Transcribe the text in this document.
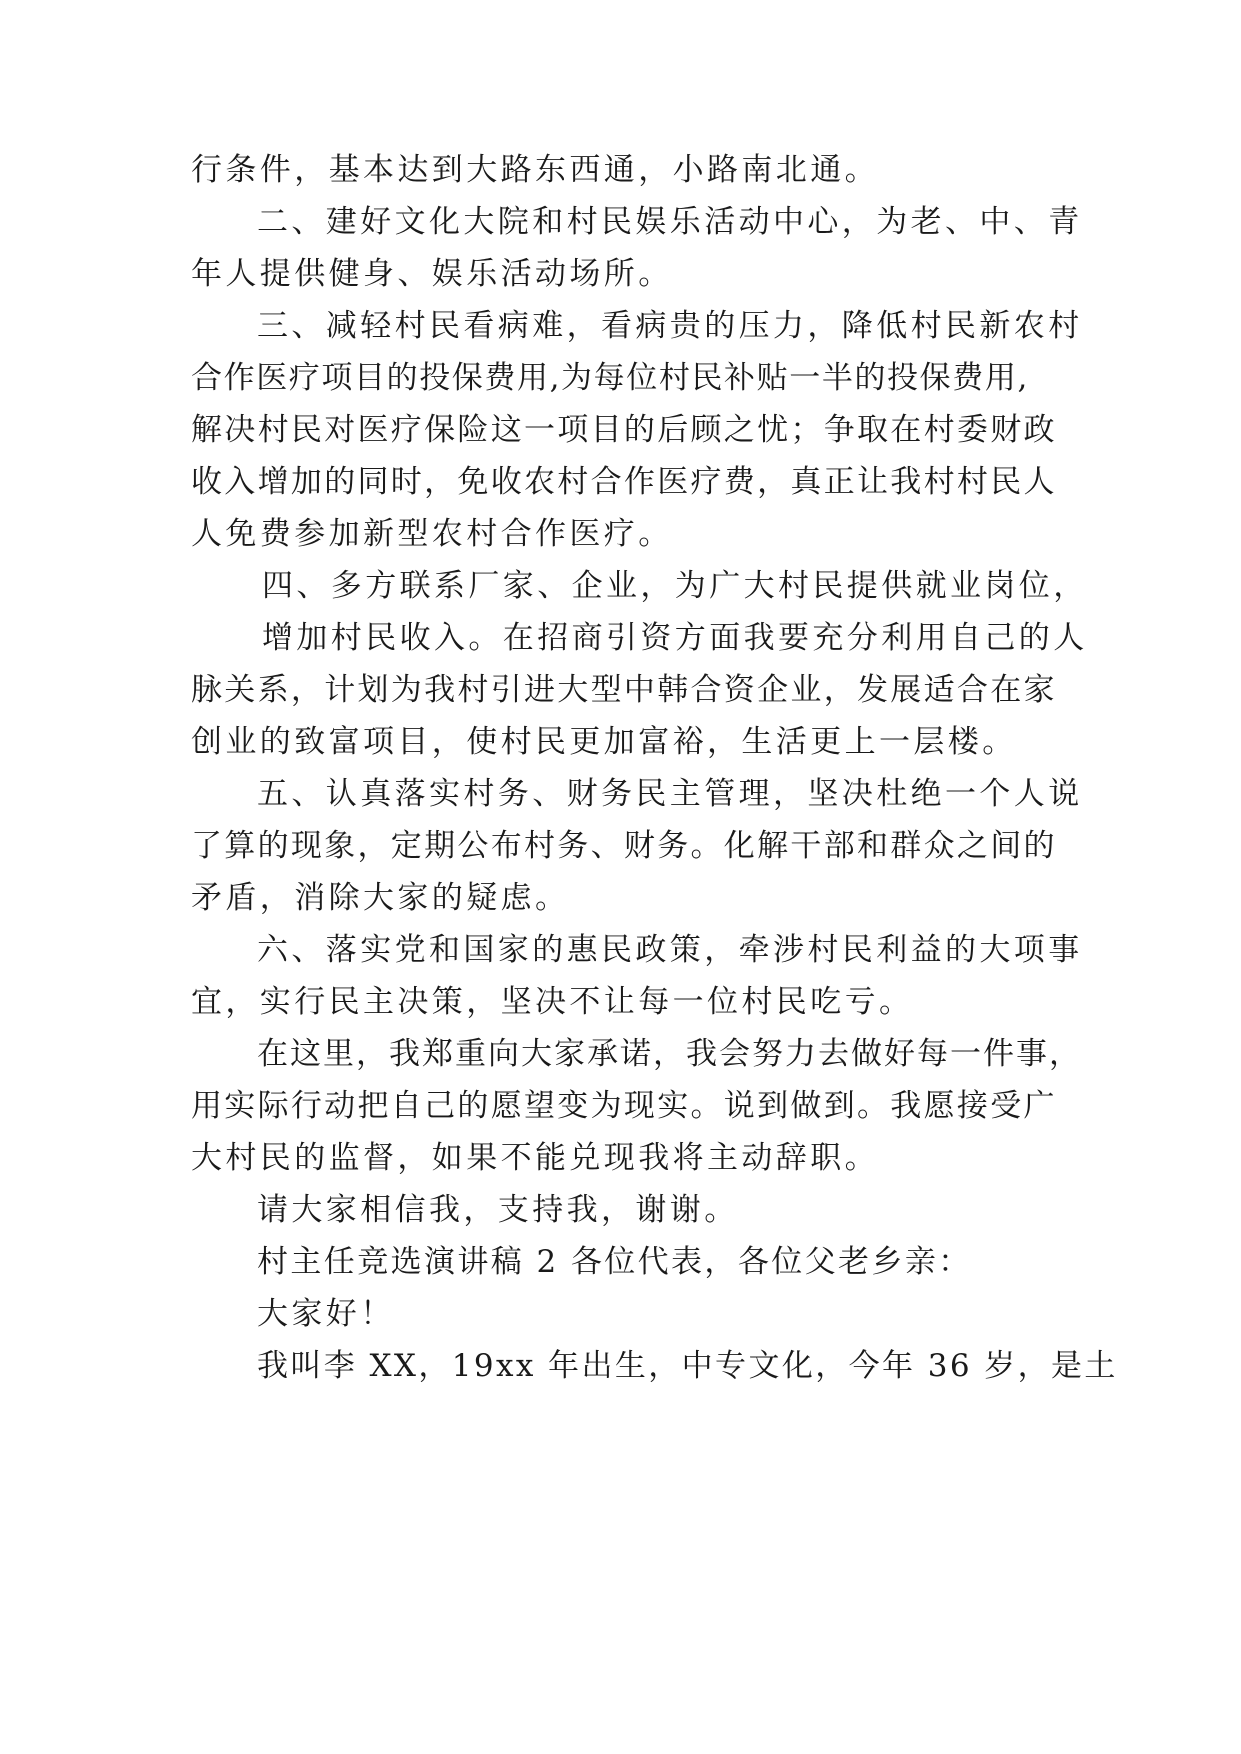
行条件，基本达到大路东西通，小路南北通。
二、建好文化大院和村民娱乐活动中心，为老、中、青
年人提供健身、娱乐活动场所。
三、减轻村民看病难，看病贵的压力，降低村民新农村
合作医疗项目的投保费用,为每位村民补贴一半的投保费用,
解决村民对医疗保险这一项目的后顾之忧；争取在村委财政
收入增加的同时，免收农村合作医疗费，真正让我村村民人
人免费参加新型农村合作医疗。
四、多方联系厂家、企业，为广大村民提供就业岗位，
增加村民收入。在招商引资方面我要充分利用自己的人
脉关系，计划为我村引进大型中韩合资企业，发展适合在家
创业的致富项目，使村民更加富裕，生活更上一层楼。
五、认真落实村务、财务民主管理，坚决杜绝一个人说
了算的现象，定期公布村务、财务。化解干部和群众之间的
矛盾，消除大家的疑虑。
六、落实党和国家的惠民政策，牵涉村民利益的大项事
宜，实行民主决策，坚决不让每一位村民吃亏。
在这里，我郑重向大家承诺，我会努力去做好每一件事，
用实际行动把自己的愿望变为现实。说到做到。我愿接受广
大村民的监督，如果不能兑现我将主动辞职。
请大家相信我，支持我，谢谢。
村主任竞选演讲稿 2 各位代表，各位父老乡亲：
大家好！
我叫李 XX，19xx 年出生，中专文化，今年 36 岁，是土
